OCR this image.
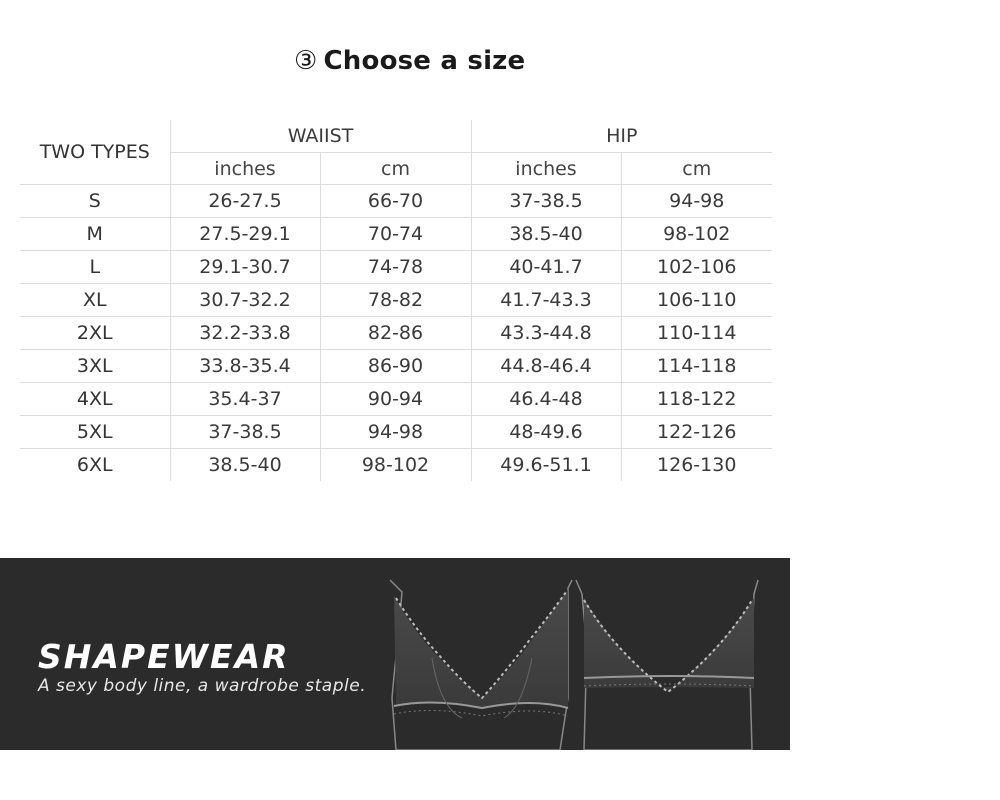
③ Choose a size
TWO TYPES	WAIIST		HIP	
	inches	cm	inches	cm
S	26-27.5	66-70	37-38.5	94-98
M	27.5-29.1	70-74	38.5-40	98-102
L	29.1-30.7	74-78	40-41.7	102-106
XL	30.7-32.2	78-82	41.7-43.3	106-110
2XL	32.2-33.8	82-86	43.3-44.8	110-114
3XL	33.8-35.4	86-90	44.8-46.4	114-118
4XL	35.4-37	90-94	46.4-48	118-122
5XL	37-38.5	94-98	48-49.6	122-126
6XL	38.5-40	98-102	49.6-51.1	126-130
SHAPEWEAR
A sexy body line, a wardrobe staple.
